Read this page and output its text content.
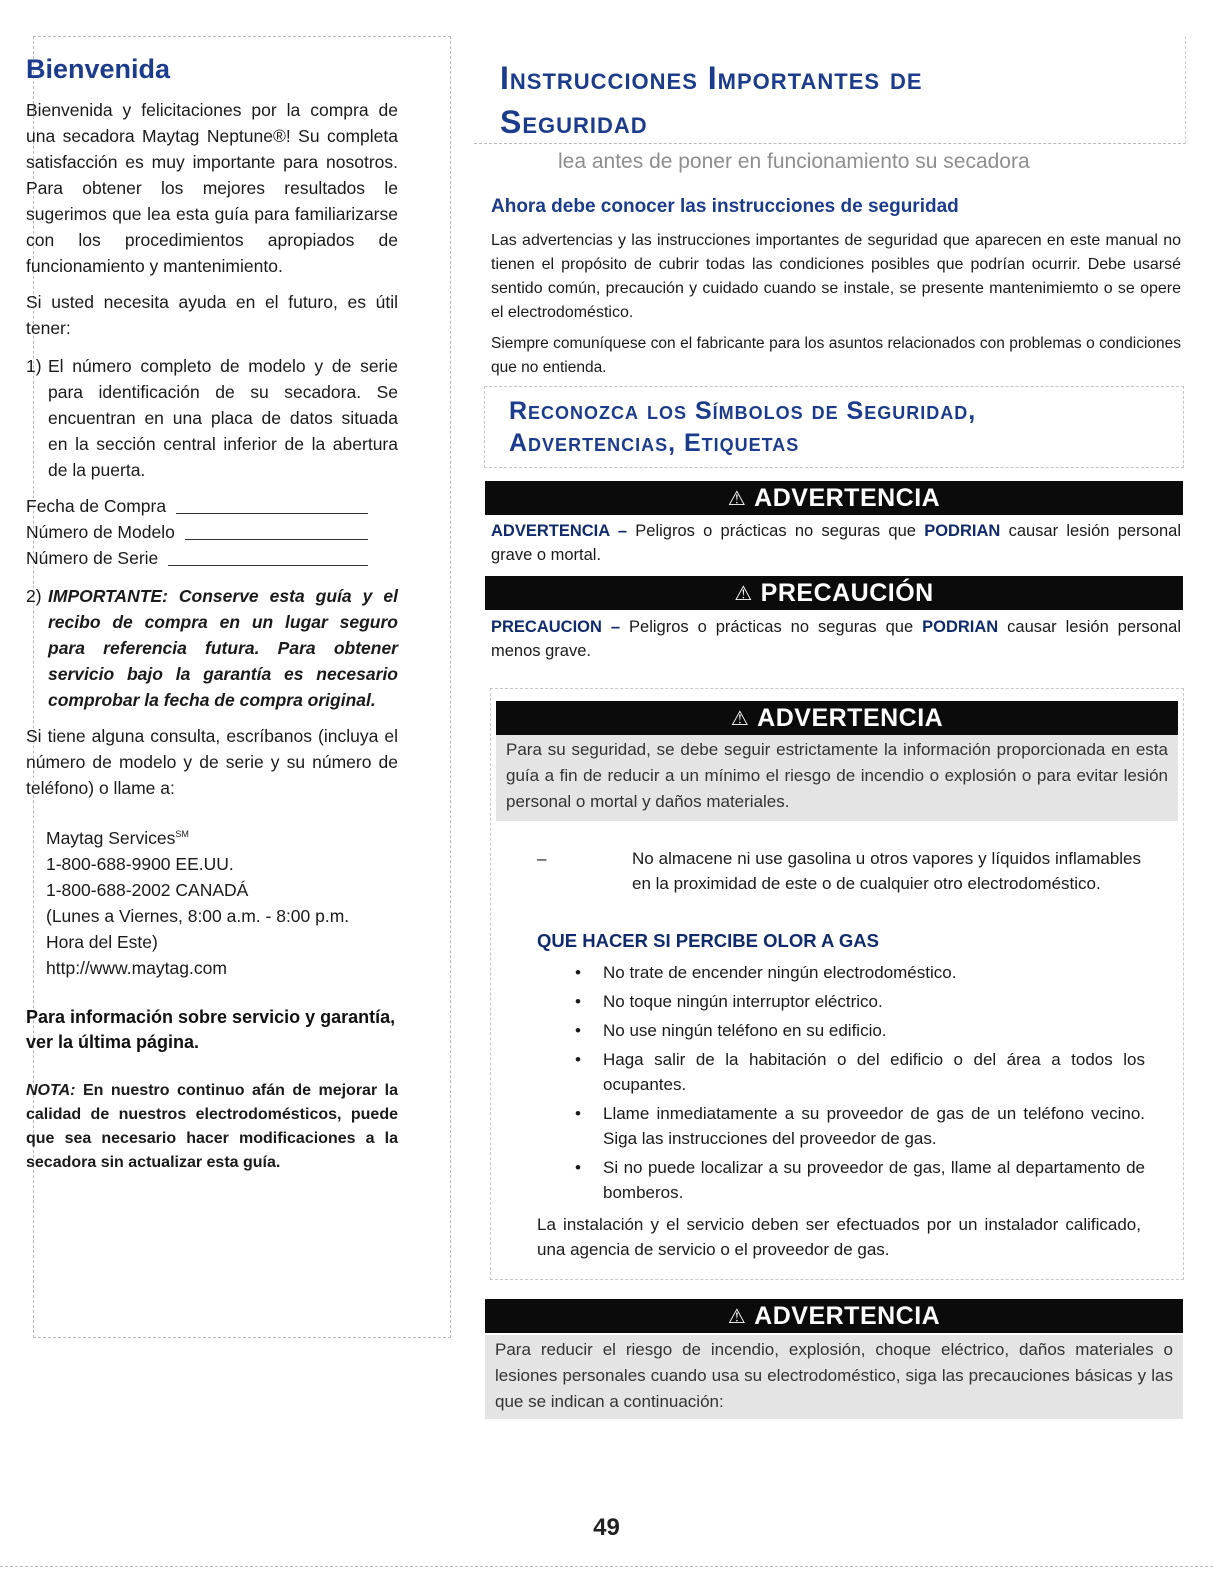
Bienvenida

Bienvenida y felicitaciones por la compra de una secadora Maytag Neptune®! Su completa satisfacción es muy importante para nosotros. Para obtener los mejores resultados le sugerimos que lea esta guía para familiarizarse con los procedimientos apropiados de funcionamiento y mantenimiento.

Si usted necesita ayuda en el futuro, es útil tener:

1) El número completo de modelo y de serie para identificación de su secadora. Se encuentran en una placa de datos situada en la sección central inferior de la abertura de la puerta.
Fecha de Compra
Número de Modelo
Número de Serie
2) IMPORTANTE: Conserve esta guía y el recibo de compra en un lugar seguro para referencia futura. Para obtener servicio bajo la garantía es necesario comprobar la fecha de compra original.

Si tiene alguna consulta, escríbanos (incluya el número de modelo y de serie y su número de teléfono) o llame a:

Maytag Services℠
1-800-688-9900 EE.UU.
1-800-688-2002 CANADÁ
(Lunes a Viernes, 8:00 a.m. - 8:00 p.m.
Hora del Este)
http://www.maytag.com

Para información sobre servicio y garantía, ver la última página.

NOTA: En nuestro continuo afán de mejorar la calidad de nuestros electrodomésticos, puede que sea necesario hacer modificaciones a la secadora sin actualizar esta guía.

Instrucciones Importantes de
Seguridad

lea antes de poner en funcionamiento su secadora

Ahora debe conocer las instrucciones de seguridad

Las advertencias y las instrucciones importantes de seguridad que aparecen en este manual no tienen el propósito de cubrir todas las condiciones posibles que podrían ocurrir. Debe usarsé sentido común, precaución y cuidado cuando se instale, se presente mantenimiemto o se opere el electrodoméstico.

Siempre comuníquese con el fabricante para los asuntos relacionados con problemas o condiciones que no entienda.

Reconozca los Símbolos de Seguridad,
Advertencias, Etiquetas
⚠ ADVERTENCIA

ADVERTENCIA – Peligros o prácticas no seguras que PODRIAN causar lesión personal grave o mortal.

⚠ PRECAUCIÓN

PRECAUCION – Peligros o prácticas no seguras que PODRIAN causar lesión personal menos grave.

⚠ ADVERTENCIA
Para su seguridad, se debe seguir estrictamente la información proporcionada en esta guía a fin de reducir a un mínimo el riesgo de incendio o explosión o para evitar lesión personal o mortal y daños materiales.
–	No almacene ni use gasolina u otros vapores y líquidos inflamables en la proximidad de este o de cualquier otro electrodoméstico.
QUE HACER SI PERCIBE OLOR A GAS
•	No trate de encender ningún electrodoméstico.
•	No toque ningún interruptor eléctrico.
•	No use ningún teléfono en su edificio.
•	Haga salir de la habitación o del edificio o del área a todos los ocupantes.
•	Llame inmediatamente a su proveedor de gas de un teléfono vecino. Siga las instrucciones del proveedor de gas.
•	Si no puede localizar a su proveedor de gas, llame al departamento de bomberos.

La instalación y el servicio deben ser efectuados por un instalador calificado, una agencia de servicio o el proveedor de gas.

⚠ ADVERTENCIA
Para reducir el riesgo de incendio, explosión, choque eléctrico, daños materiales o lesiones personales cuando usa su electrodoméstico, siga las precauciones básicas y las que se indican a continuación:

49
